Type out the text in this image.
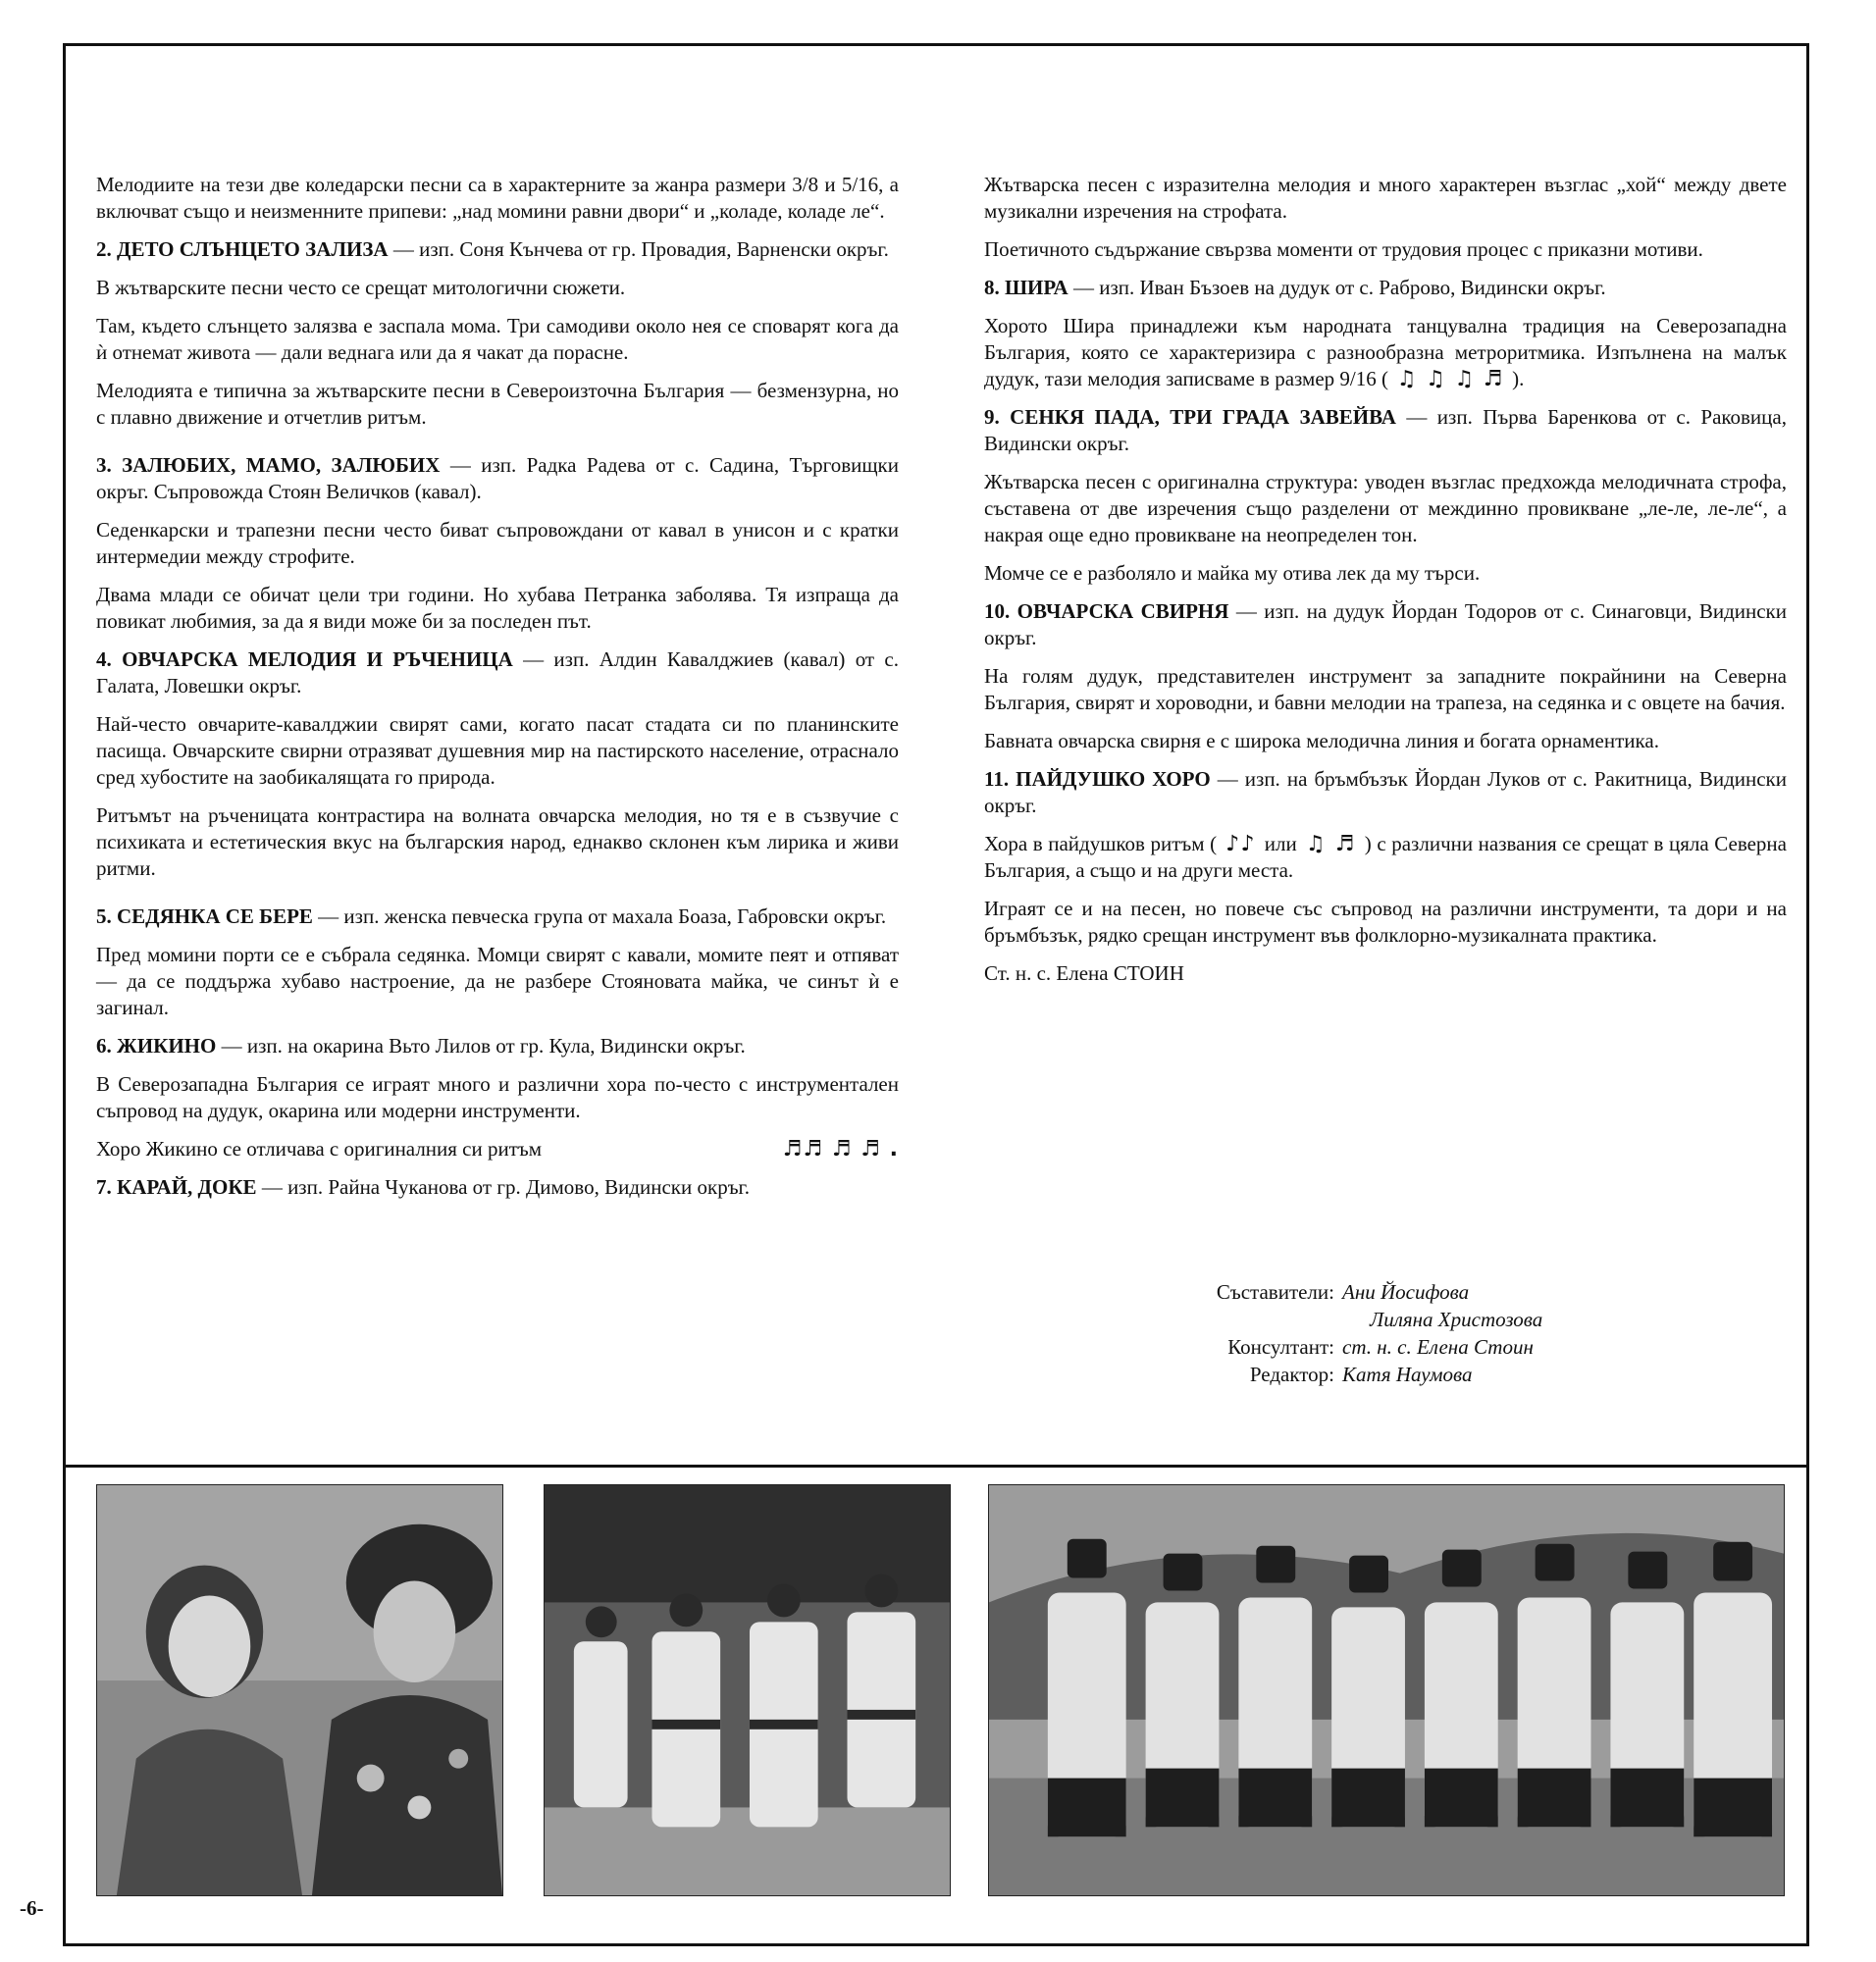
Мелодиите на тези две коледарски песни са в характерните за жанра размери 3/8 и 5/16, а включват също и неизменните припеви: „над момини равни двори“ и „коладе, коладе ле“.

2. ДЕТО СЛЪНЦЕТО ЗАЛИЗА — изп. Соня Кънчева от гр. Провадия, Варненски окръг.

В жътварските песни често се срещат митологични сюжети.

Там, където слънцето залязва е заспала мома. Три самодиви около нея се споварят кога да ѝ отнемат живота — дали веднага или да я чакат да порасне.

Мелодията е типична за жътварските песни в Североизточна България — безмензурна, но с плавно движение и отчетлив ритъм.

3. ЗАЛЮБИХ, МАМО, ЗАЛЮБИХ — изп. Радка Радева от с. Садина, Търговищки окръг. Съпровожда Стоян Величков (кавал).

Седенкарски и трапезни песни често биват съпровождани от кавал в унисон и с кратки интермедии между строфите.

Двама млади се обичат цели три години. Но хубава Петранка заболява. Тя изпраща да повикат любимия, за да я види може би за последен път.

4. ОВЧАРСКА МЕЛОДИЯ И РЪЧЕНИЦА — изп. Алдин Кавалджиев (кавал) от с. Галата, Ловешки окръг.

Най-често овчарите-кавалджии свирят сами, когато пасат стадата си по планинските пасища. Овчарските свирни отразяват душевния мир на пастирското население, отраснало сред хубостите на заобикалящата го природа.

Ритъмът на ръченицата контрастира на волната овчарска мелодия, но тя е в съзвучие с психиката и естетическия вкус на българския народ, еднакво склонен към лирика и живи ритми.

5. СЕДЯНКА СЕ БЕРЕ — изп. женска певческа група от махала Боаза, Габровски окръг.

Пред момини порти се е събрала седянка. Момци свирят с кавали, момите пеят и отпяват — да се поддържа хубаво настроение, да не разбере Стояновата майка, че синът ѝ е загинал.

6. ЖИКИНО — изп. на окарина Вьто Лилов от гр. Кула, Видински окръг.

В Северозападна България се играят много и различни хора по-често с инструментален съпровод на дудук, окарина или модерни инструменти.

Хоро Жикино се отличава с оригиналния си ритъм	♬♬ ♬ ♬ .

7. КАРАЙ, ДОКЕ — изп. Райна Чуканова от гр. Димово, Видински окръг.

Жътварска песен с изразителна мелодия и много характерен възглас „хой“ между двете музикални изречения на строфата.

Поетичното съдържание свързва моменти от трудовия процес с приказни мотиви.

8. ШИРА — изп. Иван Бъзоев на дудук от с. Раброво, Видински окръг.

Хорото Шира принадлежи към народната танцувална традиция на Северозападна България, която се характеризира с разнообразна метроритмика. Изпълнена на малък дудук, тази мелодия записваме в размер 9/16 ( ♫ ♫ ♫ ♬ ).

9. СЕНКЯ ПАДА, ТРИ ГРАДА ЗАВЕЙВА — изп. Първа Баренкова от с. Раковица, Видински окръг.

Жътварска песен с оригинална структура: уводен възглас предхожда мелодичната строфа, съставена от две изречения също разделени от междинно провикване „ле-ле, ле-ле“, а накрая още едно провикване на неопределен тон.

Момче се е разболяло и майка му отива лек да му търси.

10. ОВЧАРСКА СВИРНЯ — изп. на дудук Йордан Тодоров от с. Синаговци, Видински окръг.

На голям дудук, представителен инструмент за западните покрайнини на Северна България, свирят и хороводни, и бавни мелодии на трапеза, на седянка и с овцете на бачия.

Бавната овчарска свирня е с широка мелодична линия и богата орнаментика.

11. ПАЙДУШКО ХОРО — изп. на бръмбъзък Йордан Луков от с. Ракитница, Видински окръг.

Хора в пайдушков ритъм ( ♪♪ или ♫ ♬ ) с различни названия се срещат в цяла Северна България, а също и на други места.

Играят се и на песен, но повече със съпровод на различни инструменти, та дори и на бръмбъзък, рядко срещан инструмент във фолклорно-музикалната практика.

Ст. н. с. Елена СТОИН

Съставители: Ани Йосифова
Лиляна Христозова
Консултант: ст. н. с. Елена Стоин
Редактор: Катя Наумова
-6-
